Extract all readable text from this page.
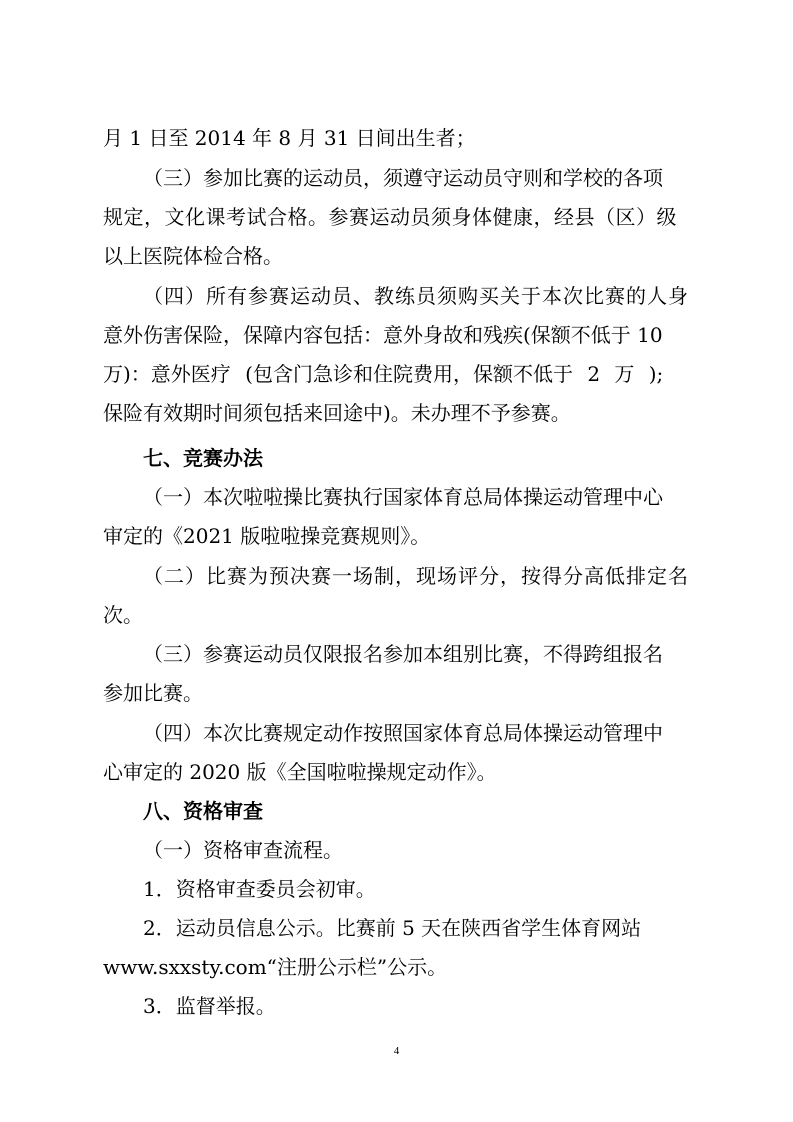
月 1 日至 2014 年 8 月 31 日间出生者；
（三）参加比赛的运动员，须遵守运动员守则和学校的各项
规定，文化课考试合格。参赛运动员须身体健康，经县（区）级
以上医院体检合格。
（四）所有参赛运动员、教练员须购买关于本次比赛的人身
意外伤害保险，保障内容包括：意外身故和残疾(保额不低于 10
万)：意外医疗 (包含门急诊和住院费用，保额不低于 2 万 );
保险有效期时间须包括来回途中)。未办理不予参赛。
七、竞赛办法
（一）本次啦啦操比赛执行国家体育总局体操运动管理中心
审定的《2021 版啦啦操竞赛规则》。
（二）比赛为预决赛一场制，现场评分，按得分高低排定名
次。
（三）参赛运动员仅限报名参加本组别比赛，不得跨组报名
参加比赛。
（四）本次比赛规定动作按照国家体育总局体操运动管理中
心审定的 2020 版《全国啦啦操规定动作》。
八、资格审查
（一）资格审查流程。
1．资格审查委员会初审。
2．运动员信息公示。比赛前 5 天在陕西省学生体育网站
www.sxxsty.com“注册公示栏”公示。
3．监督举报。
4
